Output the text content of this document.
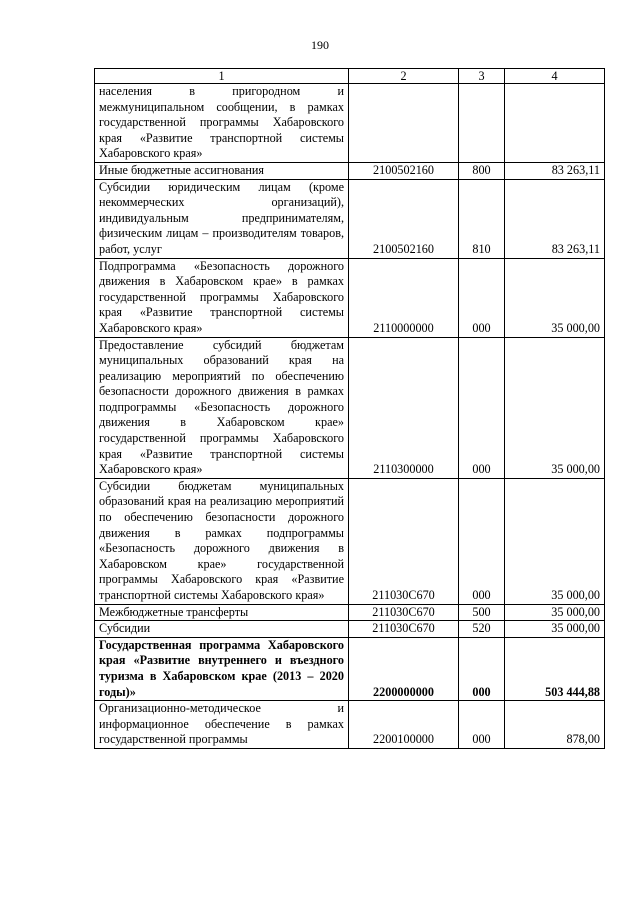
190
1	2	3	4
населения в пригородном и межмуниципальном сообщении, в рамках государственной программы Хабаровского края «Развитие транспортной системы Хабаровского края»			
Иные бюджетные ассигнования	2100502160	800	83 263,11
Субсидии юридическим лицам (кроме некоммерческих организаций), индивидуальным предпринимателям, физическим лицам – производителям товаров, работ, услуг	2100502160	810	83 263,11
Подпрограмма «Безопасность дорожного движения в Хабаровском крае» в рамках государственной программы Хабаровского края «Развитие транспортной системы Хабаровского края»	2110000000	000	35 000,00
Предоставление субсидий бюджетам муниципальных образований края на реализацию мероприятий по обеспечению безопасности дорожного движения в рамках подпрограммы «Безопасность дорожного движения в Хабаровском крае» государственной программы Хабаровского края «Развитие транспортной системы Хабаровского края»	2110300000	000	35 000,00
Субсидии бюджетам муниципальных образований края на реализацию мероприятий по обеспечению безопасности дорожного движения в рамках подпрограммы «Безопасность дорожного движения в Хабаровском крае» государственной программы Хабаровского края «Развитие транспортной системы Хабаровского края»	211030С670	000	35 000,00
Межбюджетные трансферты	211030С670	500	35 000,00
Субсидии	211030С670	520	35 000,00
Государственная программа Хабаровского края «Развитие внутреннего и въездного туризма в Хабаровском крае (2013 – 2020 годы)»	2200000000	000	503 444,88
Организационно-методическое и информационное обеспечение в рамках государственной программы	2200100000	000	878,00
